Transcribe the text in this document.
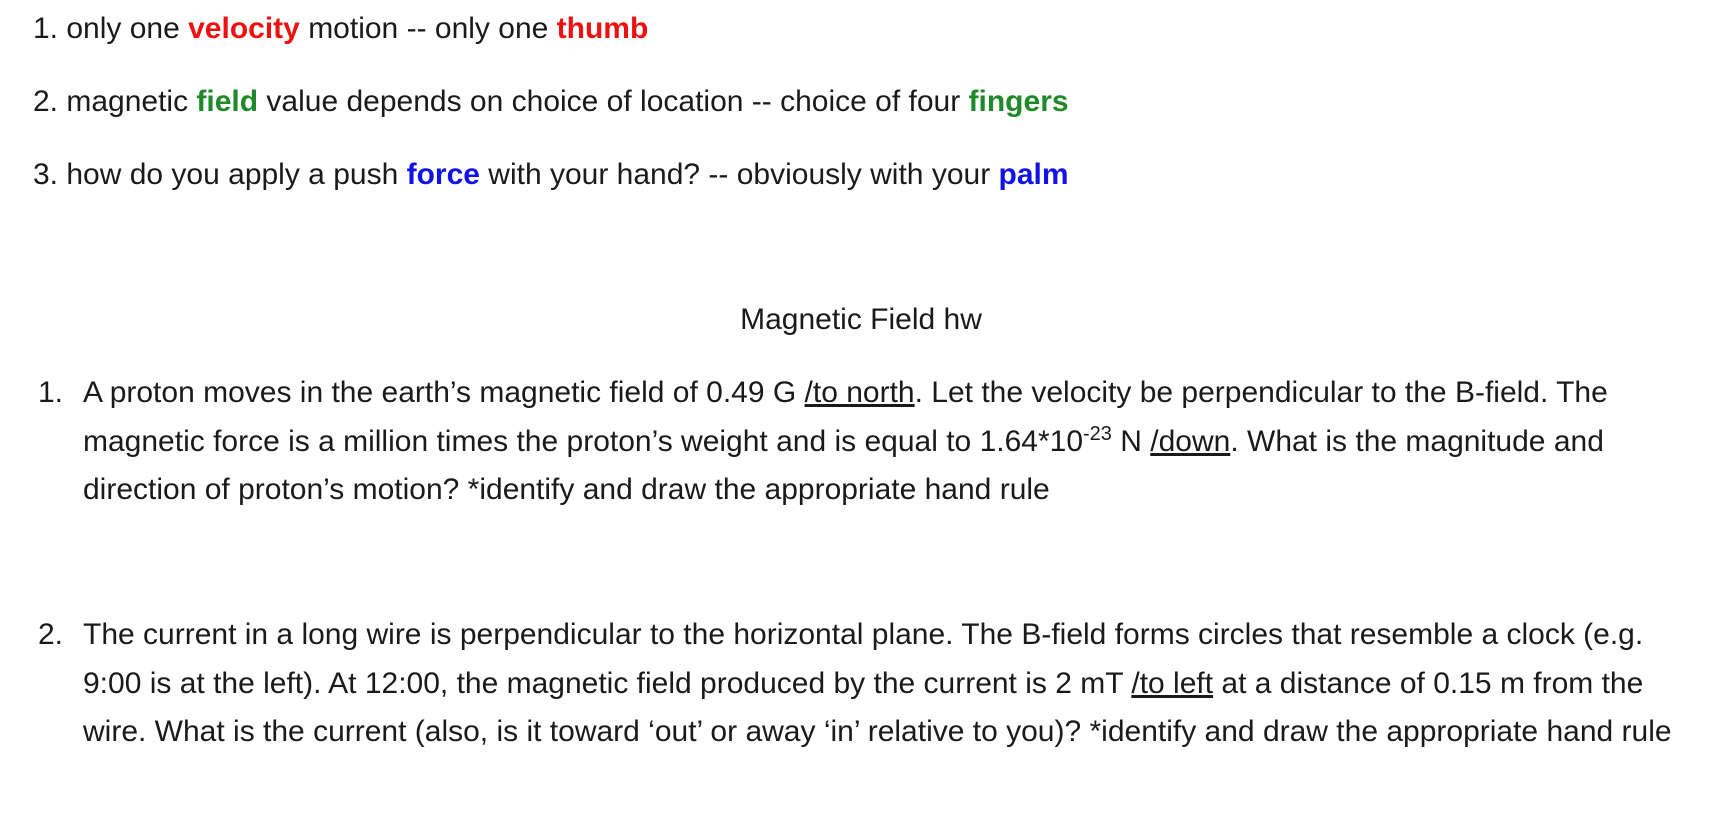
1. only one velocity motion -- only one thumb
2. magnetic field value depends on choice of location -- choice of four fingers
3. how do you apply a push force with your hand? -- obviously with your palm
Magnetic Field hw
1. A proton moves in the earth’s magnetic field of 0.49 G /to north. Let the velocity be perpendicular to the B-field. The magnetic force is a million times the proton’s weight and is equal to $1.64*10^{-23}$ N /down. What is the magnitude and direction of proton’s motion? *identify and draw the appropriate hand rule
2. The current in a long wire is perpendicular to the horizontal plane. The B-field forms circles that resemble a clock (e.g. 9:00 is at the left). At 12:00, the magnetic field produced by the current is 2 mT /to left at a distance of 0.15 m from the wire. What is the current (also, is it toward ‘out’ or away ‘in’ relative to you)? *identify and draw the appropriate hand rule
